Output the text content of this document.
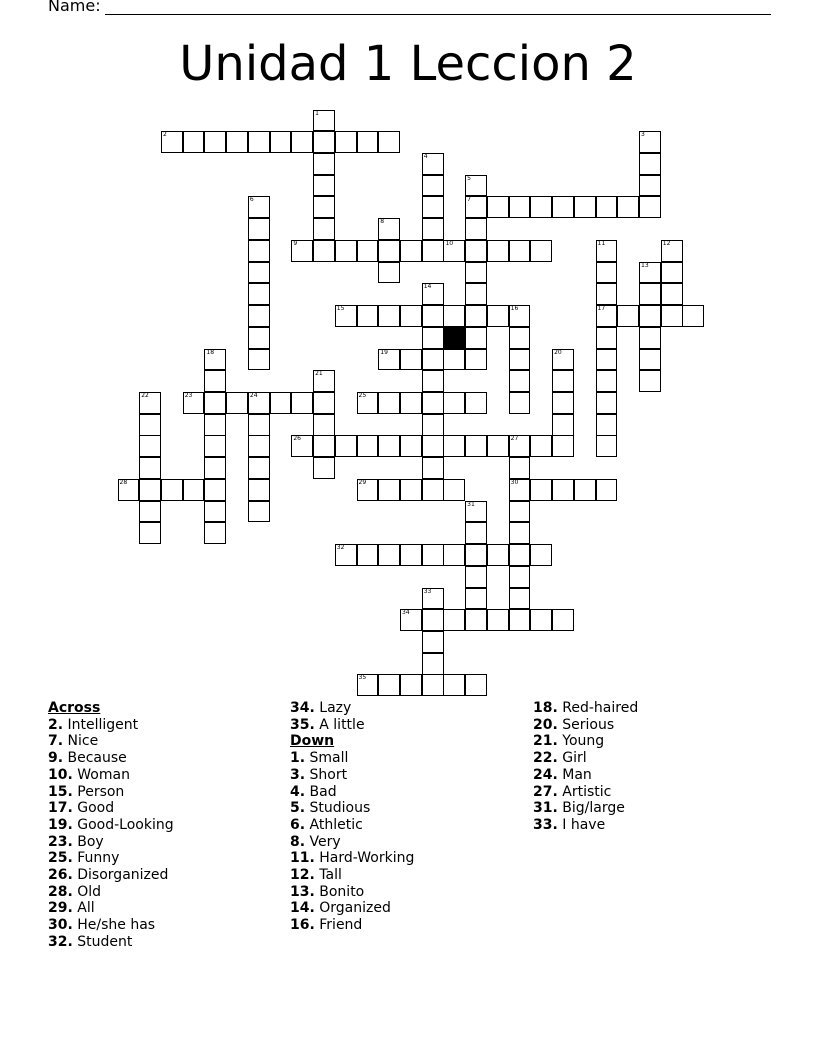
Name:
Unidad 1 Leccion 2
2
7
9	10
15	16	17
19
23	24	25
26	27
28	29	30
32
34
35
1
3
4
5
6
8
11	12
13
14
18	20
21
22
31
33
Across
2. Intelligent
7. Nice
9. Because
10. Woman
15. Person
17. Good
19. Good-Looking
23. Boy
25. Funny
26. Disorganized
28. Old
29. All
30. He/she has
32. Student
34. Lazy
35. A little
Down
1. Small
3. Short
4. Bad
5. Studious
6. Athletic
8. Very
11. Hard-Working
12. Tall
13. Bonito
14. Organized
16. Friend
18. Red-haired
20. Serious
21. Young
22. Girl
24. Man
27. Artistic
31. Big/large
33. I have
